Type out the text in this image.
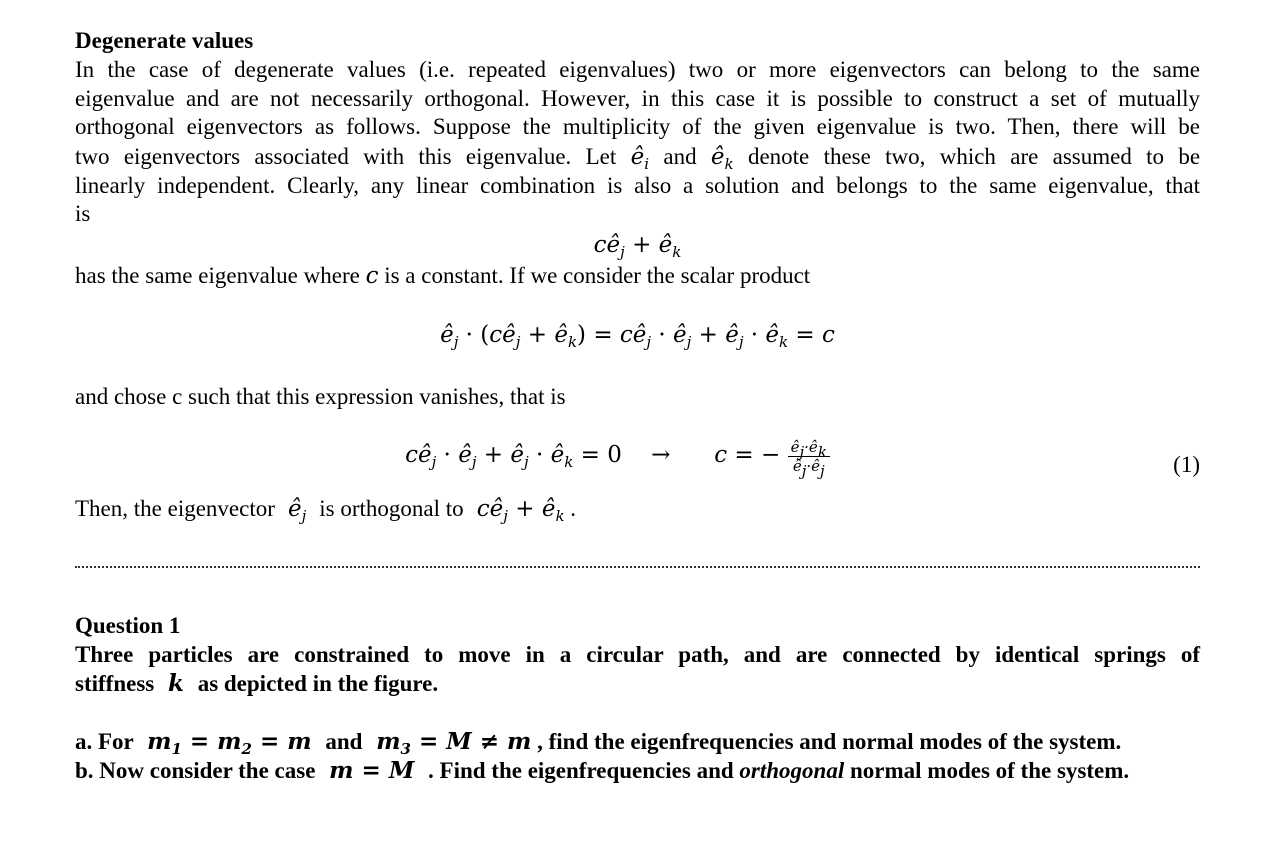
Degenerate values
In the case of degenerate values (i.e. repeated eigenvalues) two or more eigenvectors can belong to the same
eigenvalue and are not necessarily orthogonal. However, in this case it is possible to construct a set of mutually
orthogonal eigenvectors as follows. Suppose the multiplicity of the given eigenvalue is two. Then, there will be
two eigenvectors associated with this eigenvalue. Let $ê_i$ and $ê_k$ denote these two, which are assumed to be
linearly independent. Clearly, any linear combination is also a solution and belongs to the same eigenvalue, that
is
$cê_j$ + $ê_k$
has the same eigenvalue where c is a constant. If we consider the scalar product
$ê_j$ · ($cê_j$ + $ê_k$) = $cê_j$ · $ê_j$ + $ê_j$ · $ê_k = c$
and chose c such that this expression vanishes, that is
$cê_j$ · $ê_j$ + $ê_j$ · $ê_k = 0$    →      c = − $\frac{ê_j\cdot ê_k}{ê_j\cdot ê_j}$	(1)
Then, the eigenvector  $ê_j$ is orthogonal to  $cê_j$ + $ê_k$ .
Question 1
Three particles are constrained to move in a circular path, and are connected by identical springs of
stiffness  k  as depicted in the figure.
a. For  $m_1 = m_2 = m$  and  $m_3 = M \ne m$ , find the eigenfrequencies and normal modes of the system.
b. Now consider the case  m = M  . Find the eigenfrequencies and orthogonal normal modes of the system.
